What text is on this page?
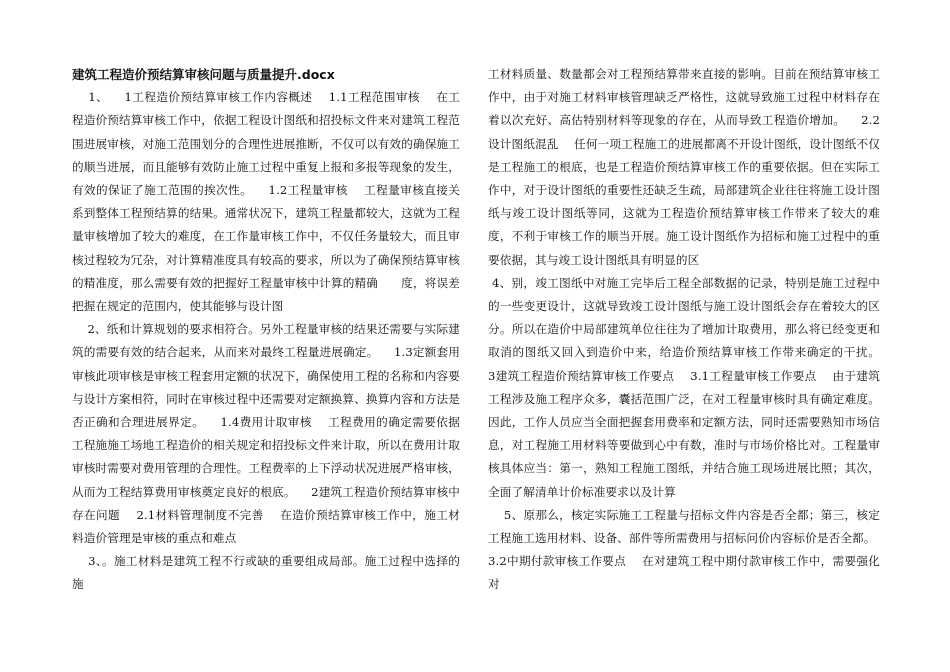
建筑工程造价预结算审核问题与质量提升.docx

1、    1工程造价预结算审核工作内容概述    1.1工程范围审核    在工程造价预结算审核工作中，依据工程设计图纸和招投标文件来对建筑工程范围进展审核，对施工范围划分的合理性进展推断，不仅可以有效的确保施工的顺当进展，而且能够有效防止施工过程中重复上报和多报等现象的发生，有效的保证了施工范围的挨次性。    1.2工程量审核    工程量审核直接关系到整体工程预结算的结果。通常状况下，建筑工程量都较大，这就为工程量审核增加了较大的难度，在工作量审核工作中，不仅任务量较大，而且审核过程较为冗杂，对计算精准度具有较高的要求，所以为了确保预结算审核的精准度，那么需要有效的把握好工程量审核中计算的精确      度，将误差把握在规定的范围内，使其能够与设计图

2、纸和计算规划的要求相符合。另外工程量审核的结果还需要与实际建筑的需要有效的结合起来，从而来对最终工程量进展确定。    1.3定额套用审核此项审核是审核工程套用定额的状况下，确保使用工程的名称和内容要与设计方案相符，同时在审核过程中还需要对定额换算、换算内容和方法是否正确和合理进展界定。    1.4费用计取审核    工程费用的确定需要依据工程施施工场地工程造价的相关规定和招投标文件来计取，所以在费用计取审核时需要对费用管理的合理性。工程费率的上下浮动状况进展严格审核，从而为工程结算费用审核奠定良好的根底。    2建筑工程造价预结算审核中存在问题    2.1材料管理制度不完善    在造价预结算审核工作中，施工材料造价管理是审核的重点和难点

3、。施工材料是建筑工程不行或缺的重要组成局部。施工过程中选择的施

工材料质量、数量都会对工程预结算带来直接的影响。目前在预结算审核工作中，由于对施工材料审核管理缺乏严格性，这就导致施工过程中材料存在着以次充好、高估特别材料等现象的存在，从而导致工程造价增加。    2.2设计图纸混乱    任何一项工程施工的进展都离不开设计图纸，设计图纸不仅是工程施工的根底，也是工程造价预结算审核工作的重要依据。但在实际工作中，对于设计图纸的重要性还缺乏生疏，局部建筑企业往往将施工设计图纸与竣工设计图纸等同，这就为工程造价预结算审核工作带来了较大的难度，不利于审核工作的顺当开展。施工设计图纸作为招标和施工过程中的重要依据，其与竣工设计图纸具有明显的区

4、别，竣工图纸中对施工完毕后工程全部数据的记录，特别是施工过程中的一些变更设计，这就导致竣工设计图纸与施工设计图纸会存在着较大的区分。所以在造价中局部建筑单位往往为了增加计取费用，那么将已经变更和取消的图纸又回入到造价中来，给造价预结算审核工作带来确定的干扰。    3建筑工程造价预结算审核工作要点    3.1工程量审核工作要点    由于建筑工程涉及施工程序众多，囊括范围广泛，在对工程量审核时具有确定难度。因此，工作人员应当全面把握套用费率和定额方法，同时还需要熟知市场信息，对工程施工用材料等要做到心中有数，准时与市场价格比对。工程量审核具体应当：第一，熟知工程施工图纸，并结合施工现场进展比照；其次，全面了解清单计价标准要求以及计算

5、原那么，核定实际施工工程量与招标文件内容是否全都；第三，核定工程施工选用材料、设备、部件等所需费用与招标问价内容标价是否全都。

3.2中期付款审核工作要点    在对建筑工程中期付款审核工作中，需要强化对
